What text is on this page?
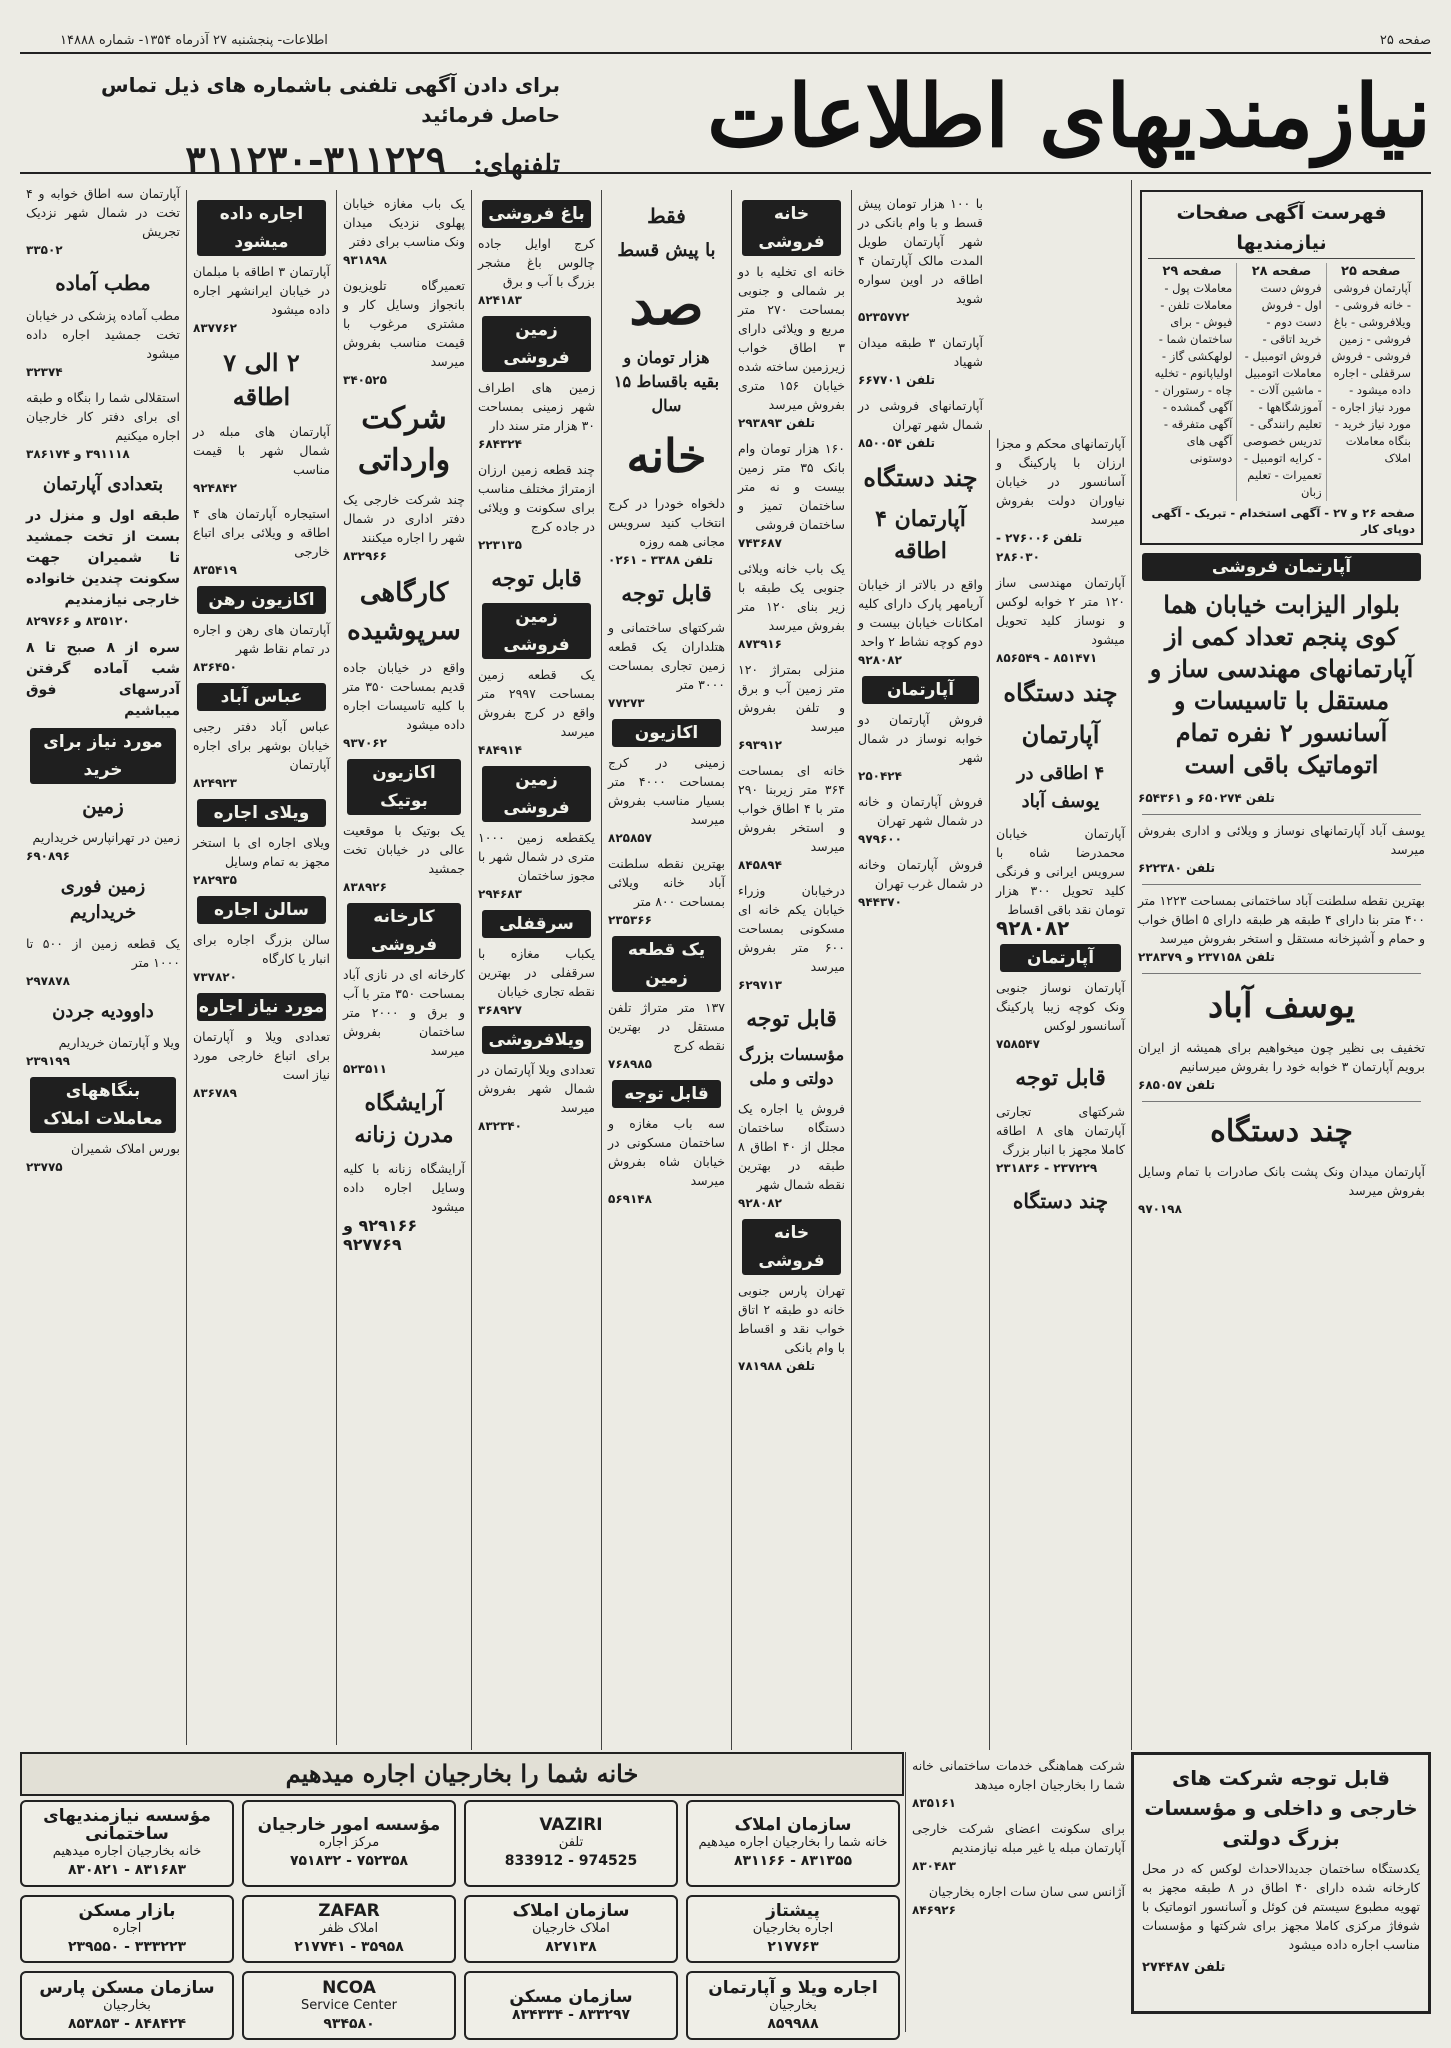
صفحه ۲۵
اطلاعات- پنجشنبه ۲۷ آذرماه ۱۳۵۴- شماره ۱۴۸۸۸
نیازمندیهای اطلاعات
برای دادن آگهی تلفنی باشماره های ذیل تماس حاصل فرمائید
تلفنهای: ۳۱۱۲۲۹-۳۱۱۲۳۰
فهرست آگهی صفحات نیازمندیها
صفحه ۲۵
آپارتمان فروشی - خانه فروشی - ویلافروشی - باغ فروشی - زمین فروشی - فروش سرقفلی - اجاره داده میشود - مورد نیاز اجاره - مورد نیاز خرید - بنگاه معاملات املاک
صفحه ۲۸
فروش دست اول - فروش دست دوم - خرید اتاقی - فروش اتومبیل - معاملات اتومبیل - ماشین آلات - آموزشگاهها - تعلیم رانندگی - تدریس خصوصی - کرایه اتومبیل - تعمیرات - تعلیم زبان
صفحه ۲۹
معاملات پول - معاملات تلفن - فیوش - برای ساختمان شما - لولهکشی گاز - اولیاپانوم - تخلیه چاه - رستوران - آگهی گمشده - آگهی متفرقه - آگهی های دوستونی
صفحه ۲۶ و ۲۷ - آگهی استخدام - تبریک - آگهی دوپای کار
آپارتمان فروشی
بلوار الیزابت خیابان هما کوی پنجم تعداد کمی از آپارتمانهای مهندسی ساز و مستقل با تاسیسات و آسانسور ۲ نفره تمام اتوماتیک باقی است
تلفن ۶۵۰۲۷۴ و ۶۵۴۳۶۱
یوسف آباد آپارتمانهای نوساز و ویلائی و اداری بفروش میرسد
تلفن ۶۲۲۳۸۰
بهترین نقطه سلطنت آباد ساختمانی بمساحت ۱۲۲۳ متر ۴۰۰ متر بنا دارای ۴ طبقه هر طبقه دارای ۵ اطاق خواب و حمام و آشپزخانه مستقل و استخر بفروش میرسد
تلفن ۲۳۷۱۵۸ و ۲۳۸۳۷۹
یوسف آباد
تخفیف بی نظیر چون میخواهیم برای همیشه از ایران برویم آپارتمان ۳ خوابه خود را بفروش میرسانیم
تلفن ۶۸۵۰۵۷
چند دستگاه
آپارتمان میدان ونک پشت بانک صادرات با تمام وسایل بفروش میرسد
۹۷۰۱۹۸
آپارتمانهای محکم و مجزا ارزان با پارکینگ و آسانسور در خیابان نیاوران دولت بفروش میرسد
تلفن ۲۷۶۰۰۶ - ۲۸۶۰۳۰
آپارتمان مهندسی ساز ۱۲۰ متر ۲ خوابه لوکس و نوساز کلید تحویل میشود
۸۵۱۴۷۱ - ۸۵۶۵۴۹
چند دستگاه
آپارتمان
۴ اطاقی در یوسف آباد
آپارتمان خیابان محمدرضا شاه با سرویس ایرانی و فرنگی کلید تحویل ۳۰۰ هزار تومان نقد باقی اقساط
۹۲۸۰۸۲
آپارتمان
آپارتمان نوساز جنوبی ونک کوچه زیبا پارکینگ آسانسور لوکس
۷۵۸۵۴۷
قابل توجه
شرکتهای تجارتی آپارتمان های ۸ اطاقه کاملا مجهز با انبار بزرگ
۲۳۷۲۲۹ - ۲۳۱۸۳۶
چند دستگاه
با ۱۰۰ هزار تومان پیش قسط و با وام بانکی در شهر آپارتمان طویل المدت مالک آپارتمان ۴ اطاقه در اوین سواره شوید
۵۲۳۵۷۷۲
آپارتمان ۳ طبقه میدان شهیاد
تلفن ۶۶۷۷۰۱
آپارتمانهای فروشی در شمال شهر تهران
تلفن ۸۵۰۰۵۴
چند دستگاه
آپارتمان ۴ اطاقه
واقع در بالاتر از خیابان آریامهر پارک دارای کلیه امکانات خیابان بیست و دوم کوچه نشاط ۲ واحد
۹۲۸۰۸۲
آپارتمان
فروش آپارتمان دو خوابه نوساز در شمال شهر
۲۵۰۴۲۴
فروش آپارتمان و خانه در شمال شهر تهران
۹۷۹۶۰۰
فروش آپارتمان وخانه در شمال غرب تهران
۹۴۴۳۷۰
خانه فروشی
خانه ای تخلیه با دو بر شمالی و جنوبی بمساحت ۲۷۰ متر مربع و ویلائی دارای ۳ اطاق خواب زیرزمین ساخته شده خیابان ۱۵۶ متری بفروش میرسد
تلفن ۲۹۳۸۹۳
۱۶۰ هزار تومان وام بانک ۳۵ متر زمین بیست و نه متر ساختمان تمیز و ساختمان فروشی
۷۴۳۶۸۷
یک باب خانه ویلائی جنوبی یک طبقه با زیر بنای ۱۲۰ متر بفروش میرسد
۸۷۳۹۱۶
منزلی بمتراژ ۱۲۰ متر زمین آب و برق و تلفن بفروش میرسد
۶۹۳۹۱۲
خانه ای بمساحت ۳۶۴ متر زیربنا ۲۹۰ متر با ۴ اطاق خواب و استخر بفروش میرسد
۸۴۵۸۹۴
درخیابان وزراء خیابان یکم خانه ای مسکونی بمساحت ۶۰۰ متر بفروش میرسد
۶۲۹۷۱۳
قابل توجه
مؤسسات بزرگ دولتی و ملی
فروش یا اجاره یک دستگاه ساختمان مجلل از ۴۰ اطاق ۸ طبقه در بهترین نقطه شمال شهر
۹۲۸۰۸۲
خانه فروشی
تهران پارس جنوبی خانه دو طبقه ۲ اتاق خواب نقد و اقساط با وام بانکی
تلفن ۷۸۱۹۸۸
فقط
با پیش قسط
صد
هزار تومان و بقیه باقساط ۱۵ سال
خانه
دلخواه خودرا در کرج انتخاب کنید سرویس مجانی همه روزه
تلفن ۳۳۸۸ - ۰۲۶۱
قابل توجه
شرکتهای ساختمانی و هتلداران یک قطعه زمین تجاری بمساحت ۳۰۰۰ متر
۷۷۲۷۳
اکازیون
زمینی در کرج بمساحت ۴۰۰۰ متر بسیار مناسب بفروش میرسد
۸۲۵۸۵۷
بهترین نقطه سلطنت آباد خانه ویلائی بمساحت ۸۰۰ متر
۲۳۵۳۶۶
یک قطعه زمین
۱۳۷ متر متراژ تلفن مستقل در بهترین نقطه کرج
۷۶۸۹۸۵
قابل توجه
سه باب مغازه و ساختمان مسکونی در خیابان شاه بفروش میرسد
۵۶۹۱۴۸
باغ فروشی
کرج اوایل جاده چالوس باغ مشجر بزرگ با آب و برق
۸۲۴۱۸۳
زمین فروشی
زمین های اطراف شهر زمینی بمساحت ۳۰ هزار متر سند دار
۶۸۴۳۲۴
چند قطعه زمین ارزان ازمتراژ مختلف مناسب برای سکونت و ویلائی در جاده کرج
۲۲۳۱۳۵
قابل توجه
زمین فروشی
یک قطعه زمین بمساحت ۲۹۹۷ متر واقع در کرج بفروش میرسد
۴۸۴۹۱۴
زمین فروشی
یکقطعه زمین ۱۰۰۰ متری در شمال شهر با مجوز ساختمان
۲۹۴۶۸۳
سرقفلی
یکباب مغازه با سرقفلی در بهترین نقطه تجاری خیابان
۳۶۸۹۲۷
ویلافروشی
تعدادی ویلا آپارتمان در شمال شهر بفروش میرسد
۸۳۲۳۴۰
یک باب مغازه خیابان پهلوی نزدیک میدان ونک مناسب برای دفتر
۹۳۱۸۹۸
تعمیرگاه تلویزیون بانجواز وسایل کار و مشتری مرغوب با قیمت مناسب بفروش میرسد
۳۴۰۵۲۵
شرکت وارداتی
چند شرکت خارجی یک دفتر اداری در شمال شهر را اجاره میکنند
۸۳۲۹۶۶
کارگاهی سرپوشیده
واقع در خیابان جاده قدیم بمساحت ۳۵۰ متر با کلیه تاسیسات اجاره داده میشود
۹۳۷۰۶۲
اکازیون بوتیک
یک بوتیک با موقعیت عالی در خیابان تخت جمشید
۸۳۸۹۲۶
کارخانه فروشی
کارخانه ای در نازی آباد بمساحت ۳۵۰ متر با آب و برق و ۲۰۰۰ متر ساختمان بفروش میرسد
۵۲۳۵۱۱
آرایشگاه مدرن زنانه
آرایشگاه زنانه با کلیه وسایل اجاره داده میشود
۹۲۹۱۶۶ و ۹۲۷۷۶۹
اجاره داده میشود
آپارتمان ۳ اطاقه با مبلمان در خیابان ایرانشهر اجاره داده میشود
۸۳۷۷۶۲
۲ الی ۷ اطاقه
آپارتمان های مبله در شمال شهر با قیمت مناسب
۹۲۴۸۴۲
استیجاره آپارتمان های ۴ اطاقه و ویلائی برای اتباع خارجی
۸۳۵۴۱۹
اکازیون رهن
آپارتمان های رهن و اجاره در تمام نقاط شهر
۸۳۶۴۵۰
عباس آباد
عباس آباد دفتر رجبی خیابان بوشهر برای اجاره آپارتمان
۸۲۴۹۲۳
ویلای اجاره
ویلای اجاره ای با استخر مجهز به تمام وسایل
۲۸۲۹۳۵
سالن اجاره
سالن بزرگ اجاره برای انبار یا کارگاه
۷۳۷۸۲۰
مورد نیاز اجاره
تعدادی ویلا و آپارتمان برای اتباع خارجی مورد نیاز است
۸۳۶۷۸۹
آپارتمان سه اطاق خوابه و ۴ تخت در شمال شهر نزدیک تجریش
۳۳۵۰۲
مطب آماده
مطب آماده پزشکی در خیابان تخت جمشید اجاره داده میشود
۳۲۳۷۴
استقلالی شما را بنگاه و طبقه ای برای دفتر کار خارجیان اجاره میکنیم
۳۹۱۱۱۸ و ۳۸۶۱۷۴
بتعدادی آپارتمان
طبقه اول و منزل در بست از تخت جمشید تا شمیران جهت سکونت چندین خانواده خارجی نیازمندیم
۸۳۵۱۲۰ و ۸۲۹۷۶۶
سره از ۸ صبح تا ۸ شب آماده گرفتن آدرسهای فوق میباشیم
مورد نیاز برای خرید
زمین
زمین در تهرانپارس خریداریم
۶۹۰۸۹۶
زمین فوری خریداریم
یک قطعه زمین از ۵۰۰ تا ۱۰۰۰ متر
۲۹۷۸۷۸
داوودیه جردن
ویلا و آپارتمان خریداریم
۲۳۹۱۹۹
بنگاههای معاملات املاک
بورس املاک شمیران
۲۳۷۷۵
خانه شما را بخارجیان اجاره میدهیم
سازمان املاک
خانه شما را بخارجیان اجاره میدهیم
۸۳۱۱۶۶ - ۸۳۱۳۵۵
VAZIRI
تلفن
833912 - 974525
مؤسسه امور خارجیان
مرکز اجاره
۷۵۱۸۳۲ - ۷۵۲۳۵۸
مؤسسه نیازمندیهای ساختمانی
خانه بخارجیان اجاره میدهیم
۸۳۰۸۲۱ - ۸۳۱۶۸۳
پیشتاز
اجاره بخارجیان
۲۱۷۷۶۳
سازمان املاک
املاک خارجیان
۸۲۷۱۳۸
ZAFAR
املاک ظفر
۲۱۷۷۴۱ - ۳۵۹۵۸
بازار مسکن
اجاره
۲۳۹۵۵۰ - ۳۳۳۲۲۳
اجاره ویلا و آپارتمان
بخارجیان
۸۵۹۹۸۸
سازمان مسکن
۸۳۴۳۳۴ - ۸۳۳۲۹۷
NCOA
Service Center
۹۳۴۵۸۰
سازمان مسکن پارس
بخارجیان
۸۵۳۸۵۳ - ۸۴۸۴۲۴
شرکت هماهنگی خدمات ساختمانی خانه شما را بخارجیان اجاره میدهد
۸۳۵۱۶۱
برای سکونت اعضای شرکت خارجی آپارتمان مبله یا غیر مبله نیازمندیم
۸۳۰۴۸۳
آژانس سی سان سات اجاره بخارجیان
۸۴۶۹۲۶
قابل توجه شرکت های خارجی و داخلی و مؤسسات بزرگ دولتی
یکدستگاه ساختمان جدیدالاحداث لوکس که در محل کارخانه شده دارای ۴۰ اطاق در ۸ طبقه مجهز به تهویه مطبوع سیستم فن کوئل و آسانسور اتوماتیک با شوفاژ مرکزی کاملا مجهز برای شرکتها و مؤسسات مناسب اجاره داده میشود
تلفن ۲۷۴۴۸۷
